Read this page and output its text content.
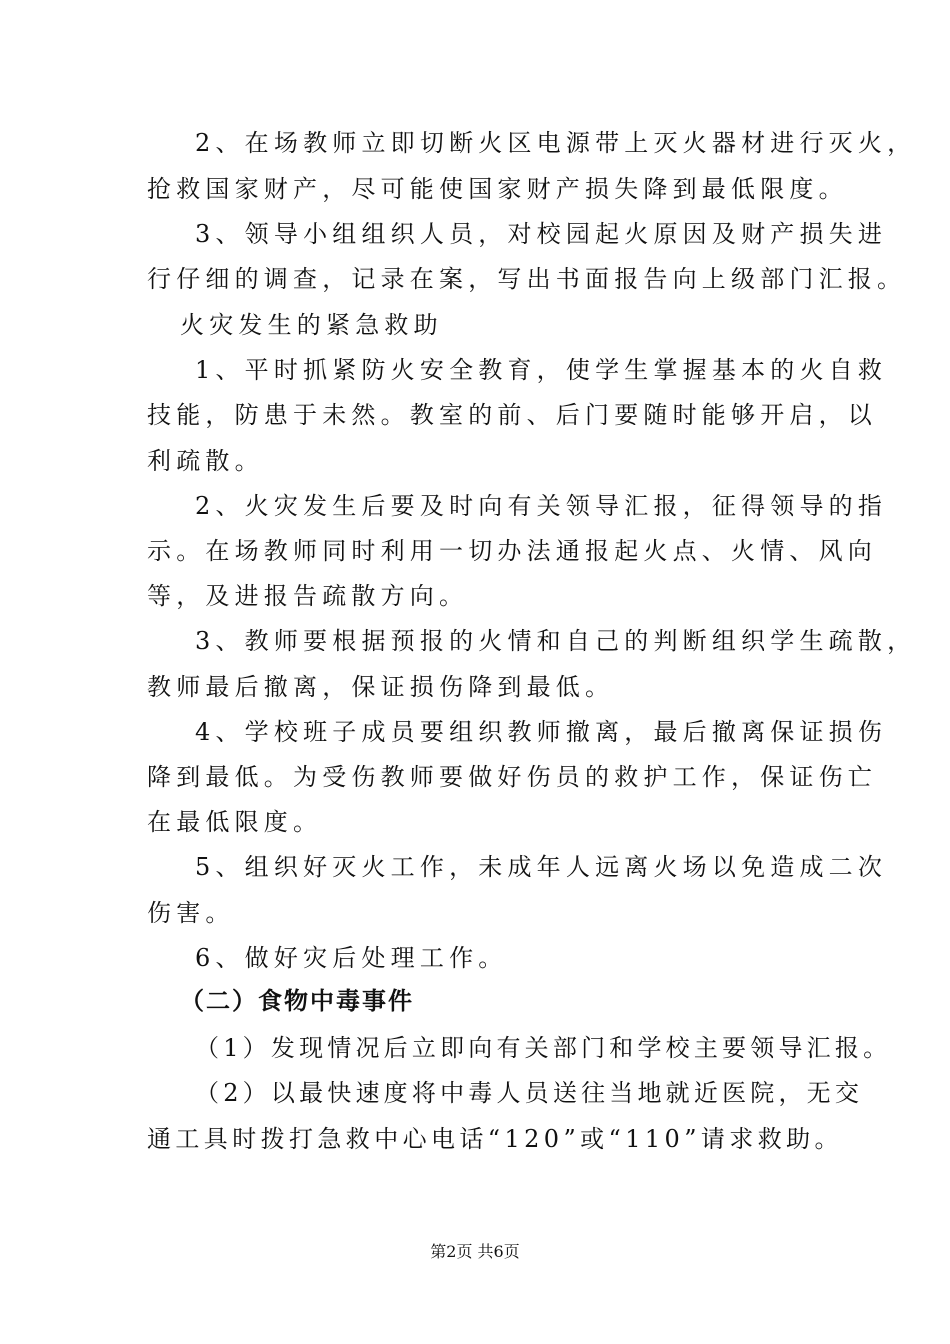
2、在场教师立即切断火区电源带上灭火器材进行灭火，
抢救国家财产，尽可能使国家财产损失降到最低限度。
3、领导小组组织人员，对校园起火原因及财产损失进
行仔细的调查，记录在案，写出书面报告向上级部门汇报。
火灾发生的紧急救助
1、平时抓紧防火安全教育，使学生掌握基本的火自救
技能，防患于未然。教室的前、后门要随时能够开启，以
利疏散。
2、火灾发生后要及时向有关领导汇报，征得领导的指
示。在场教师同时利用一切办法通报起火点、火情、风向
等，及进报告疏散方向。
3、教师要根据预报的火情和自己的判断组织学生疏散，
教师最后撤离，保证损伤降到最低。
4、学校班子成员要组织教师撤离，最后撤离保证损伤
降到最低。为受伤教师要做好伤员的救护工作，保证伤亡
在最低限度。
5、组织好灭火工作，未成年人远离火场以免造成二次
伤害。
6、做好灾后处理工作。
（二）食物中毒事件
（1）发现情况后立即向有关部门和学校主要领导汇报。
（2）以最快速度将中毒人员送往当地就近医院，无交
通工具时拨打急救中心电话“120”或“110”请求救助。
第2页 共6页
